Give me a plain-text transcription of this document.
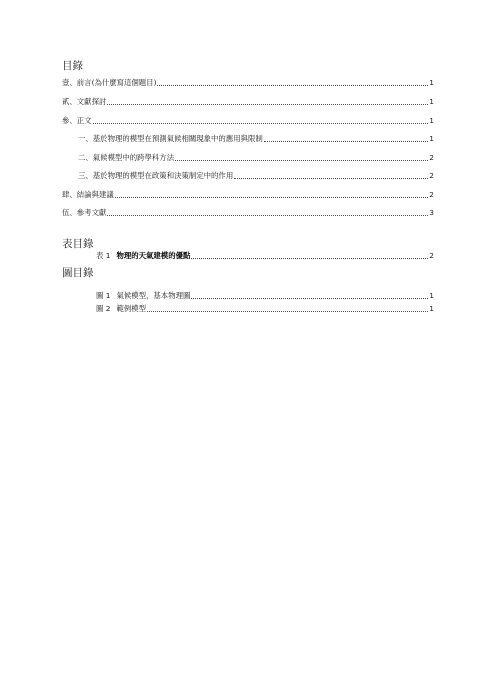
目錄
壹、前言(為什麼寫這個題目)	1
貳、文獻探討	1
參、正文	1
一、基於物理的模型在預測氣候相關現象中的應用與限制	1
二、氣候模型中的跨學科方法	2
三、基於物理的模型在政策和決策制定中的作用	2
肆、結論與建議	2
伍、參考文獻	3
表目錄
表 1 物理的天氣建模的優點	2
圖目錄
圖 1 氣候模型，基本物理圖	1
圖 2 範例模型	1
